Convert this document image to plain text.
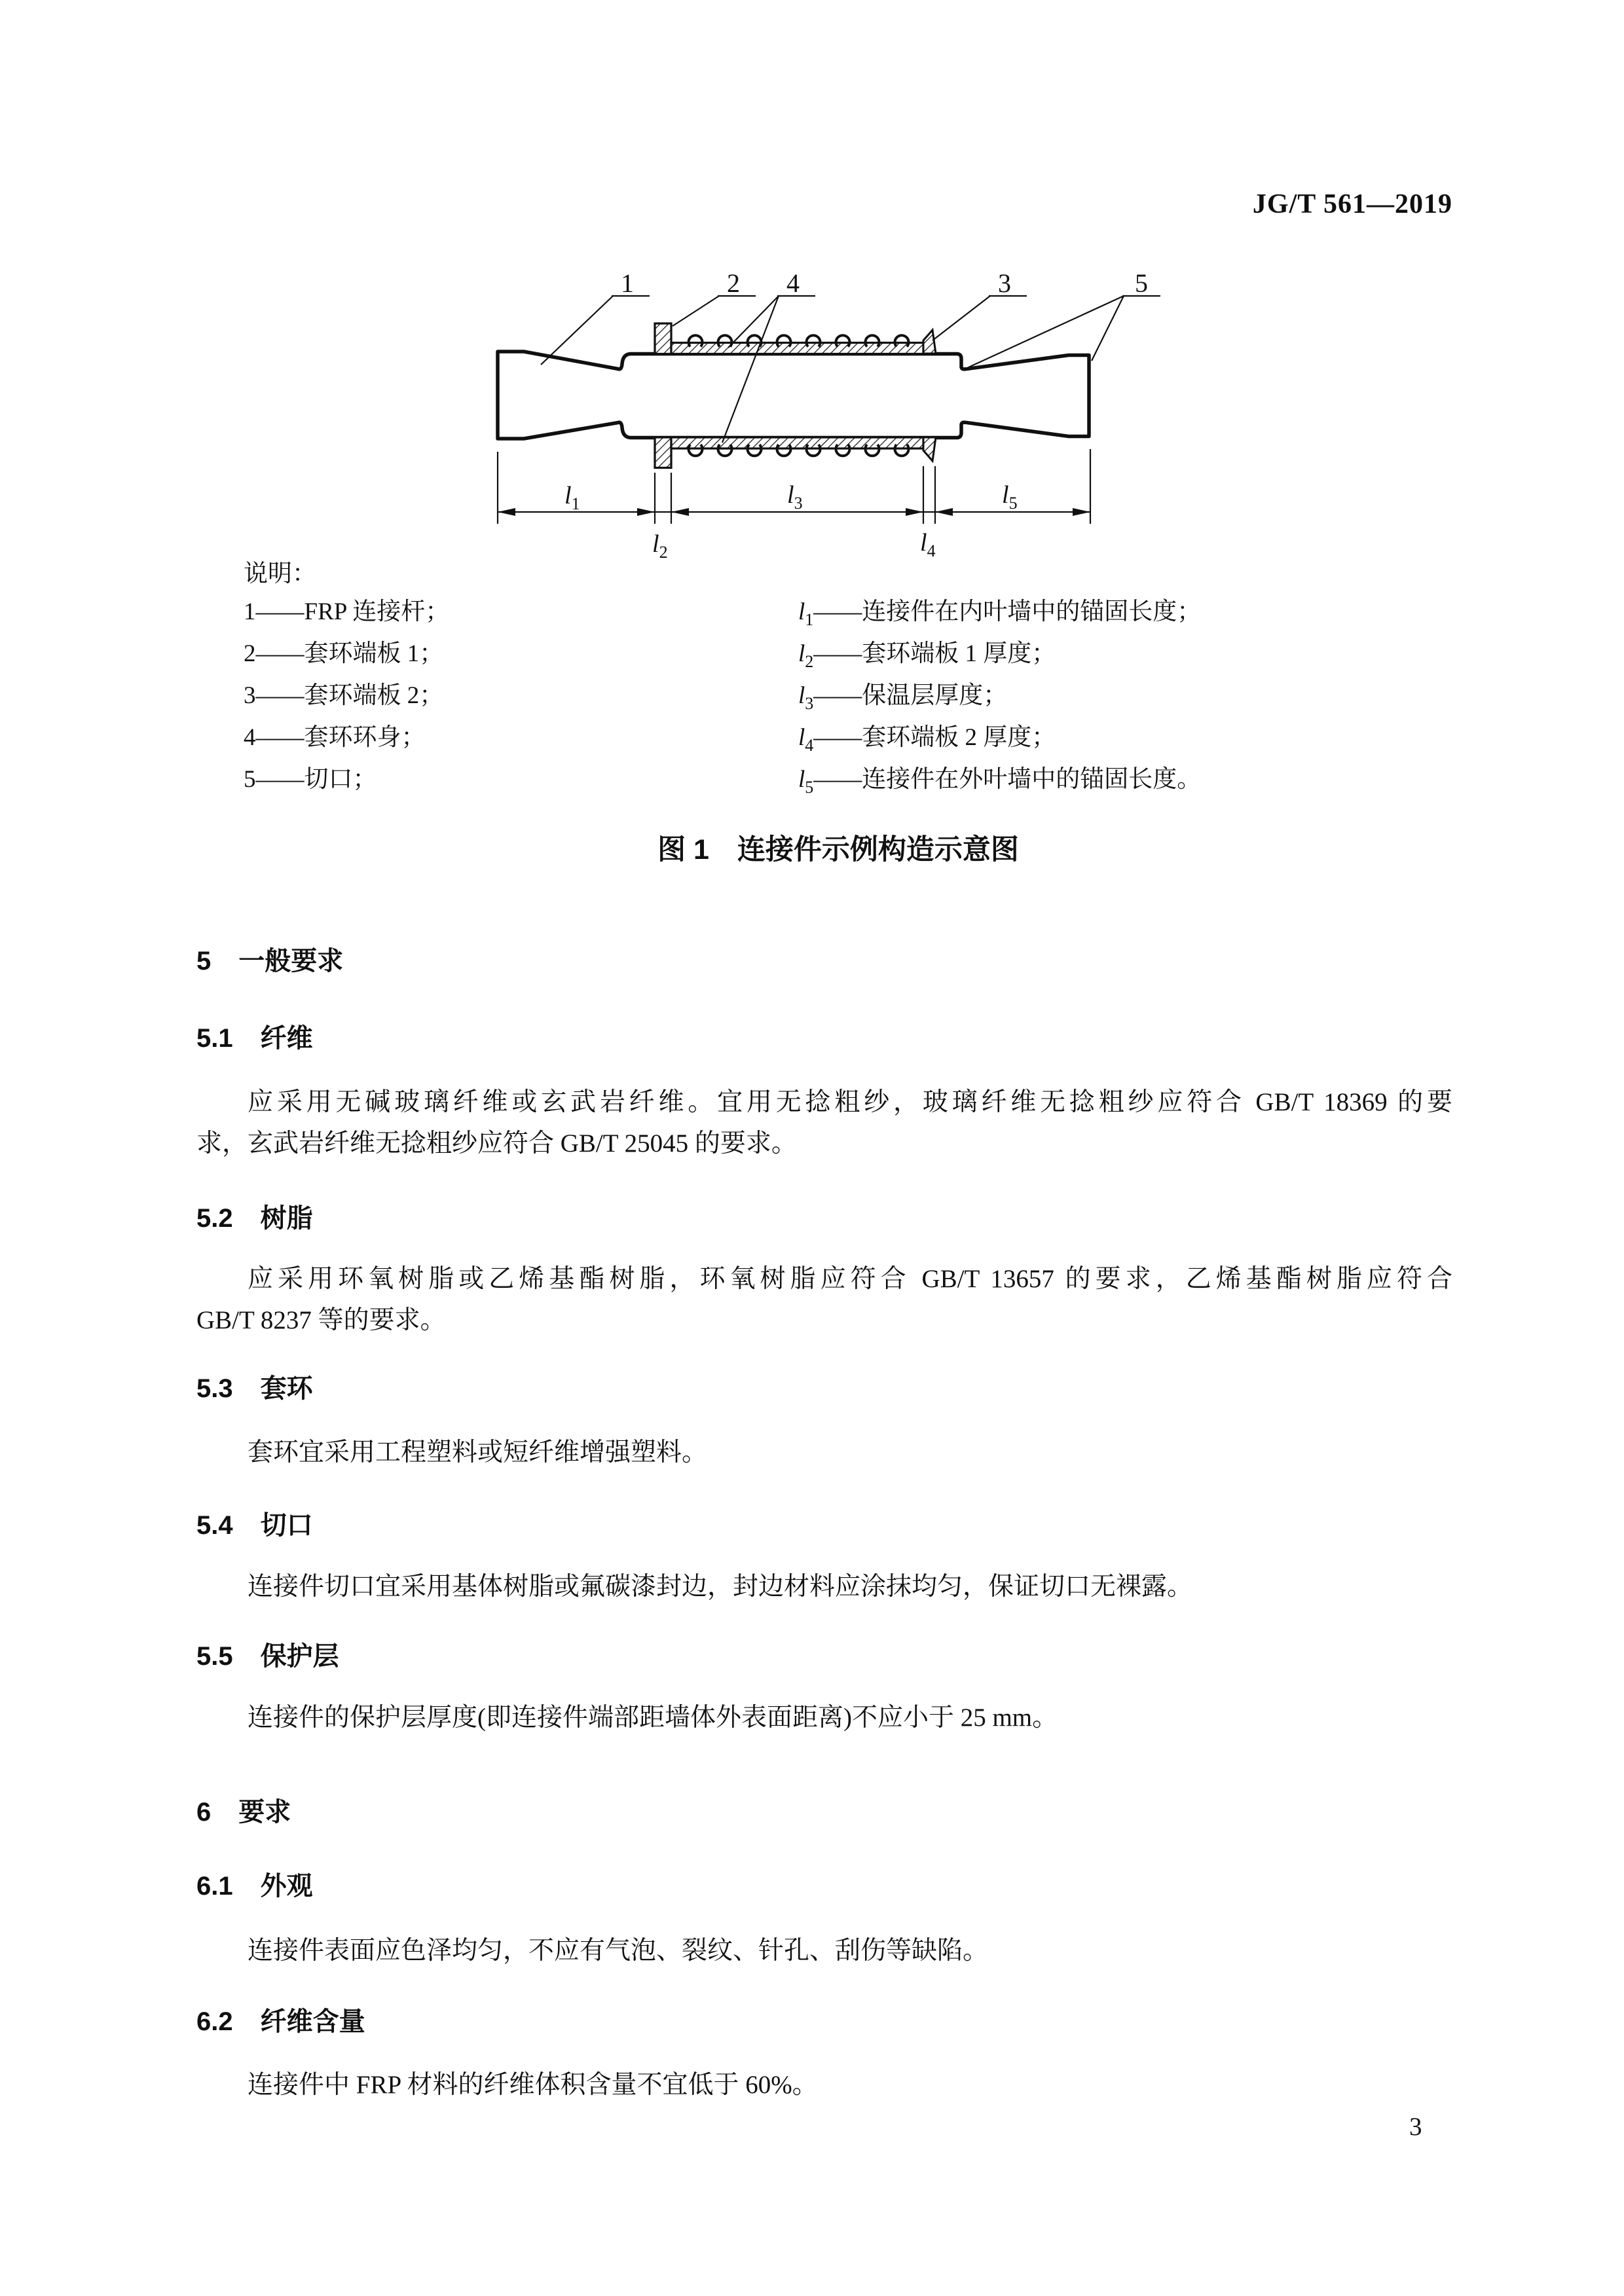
JG/T 561—2019
1	2 4	3	5
l1	l3	l5
l2	l4
说明：
1——FRP 连接杆；	$l_1——$连接件在内叶墙中的锚固长度；
2——套环端板 1；	$l_2——$套环端板 1 厚度；
3——套环端板 2；	$l_3——$保温层厚度；
4——套环环身；	$l_4——$套环端板 2 厚度；
5——切口；	$l_5——$连接件在外叶墙中的锚固长度。
图 1　连接件示例构造示意图
5 一般要求
5.1 纤维
应采用无碱玻璃纤维或玄武岩纤维。宜用无捻粗纱，玻璃纤维无捻粗纱应符合 GB/T 18369 的要
求，玄武岩纤维无捻粗纱应符合 GB/T 25045 的要求。
5.2 树脂
应采用环氧树脂或乙烯基酯树脂，环氧树脂应符合 GB/T 13657 的要求，乙烯基酯树脂应符合
GB/T 8237 等的要求。
5.3 套环
套环宜采用工程塑料或短纤维增强塑料。
5.4 切口
连接件切口宜采用基体树脂或氟碳漆封边，封边材料应涂抹均匀，保证切口无裸露。
5.5 保护层
连接件的保护层厚度(即连接件端部距墙体外表面距离)不应小于 25 mm。
6 要求
6.1 外观
连接件表面应色泽均匀，不应有气泡、裂纹、针孔、刮伤等缺陷。
6.2 纤维含量
连接件中 FRP 材料的纤维体积含量不宜低于 60%。
3
